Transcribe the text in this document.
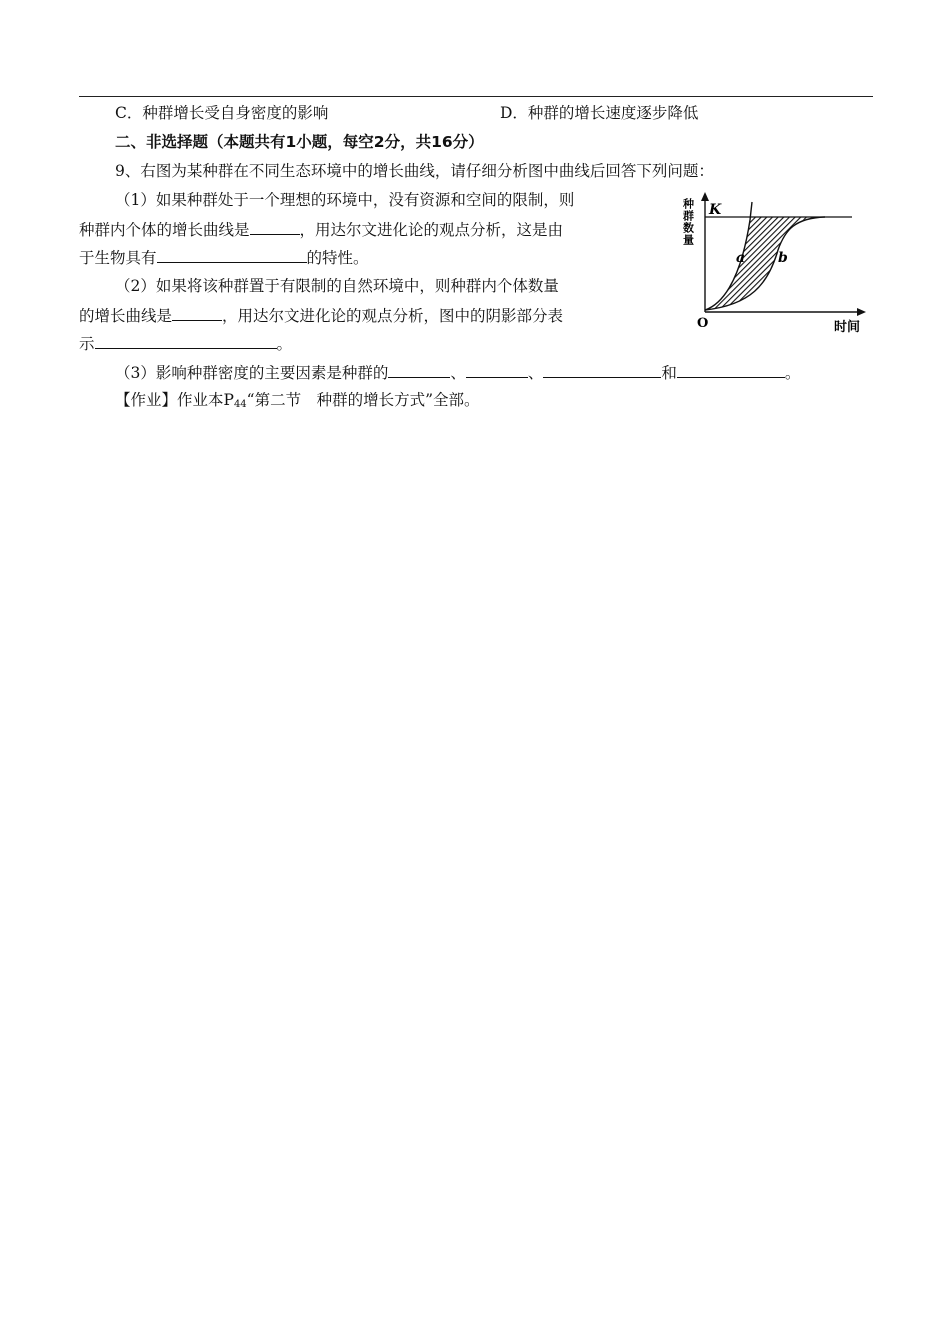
C．种群增长受自身密度的影响	D．种群的增长速度逐步降低
二、非选择题（本题共有1小题，每空2分，共16分）
9、右图为某种群在不同生态环境中的增长曲线，请仔细分析图中曲线后回答下列问题：
（1）如果种群处于一个理想的环境中，没有资源和空间的限制，则
种群内个体的增长曲线是	，用达尔文进化论的观点分析，这是由
于生物具有	的特性。
（2）如果将该种群置于有限制的自然环境中，则种群内个体数量
的增长曲线是	，用达尔文进化论的观点分析，图中的阴影部分表
示	。
（3）影响种群密度的主要因素是种群的	、	、	和	。
【作业】作业本$P_{44}“$第二节　种群的增长方式”全部。
种群数量 K
a b
O	时间
